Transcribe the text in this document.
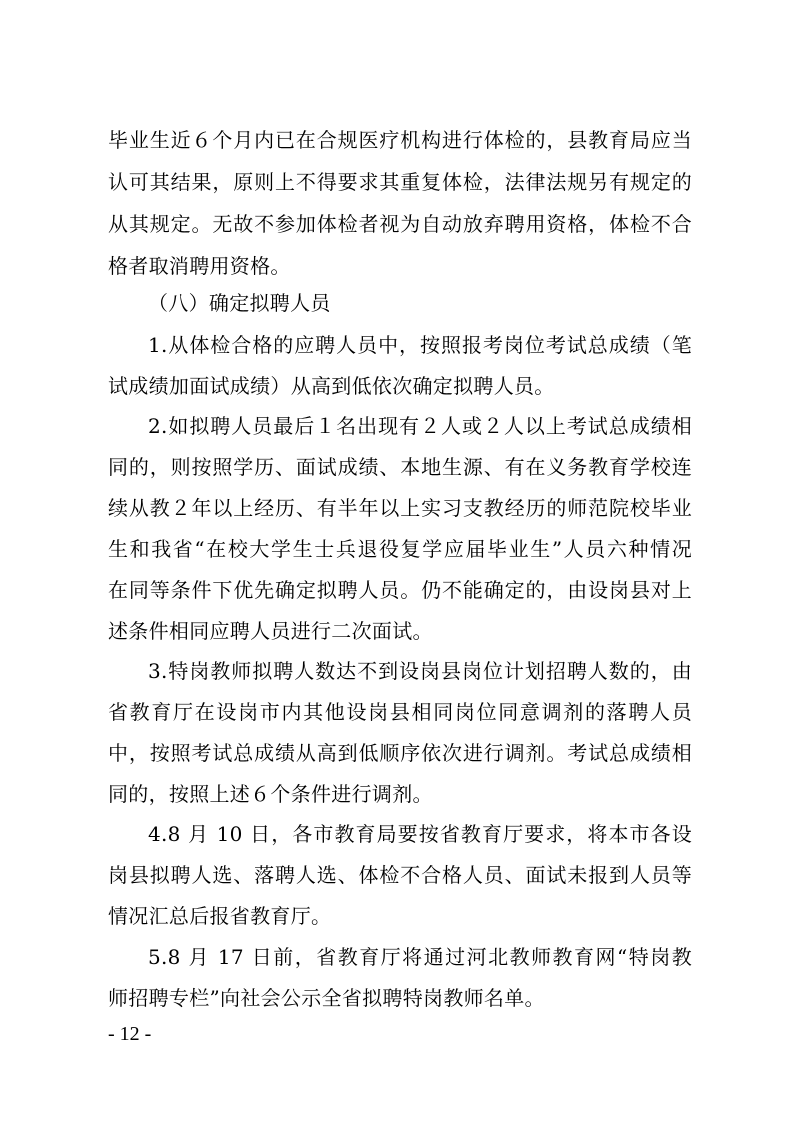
毕业生近６个月内已在合规医疗机构进行体检的，县教育局应当
认可其结果，原则上不得要求其重复体检，法律法规另有规定的
从其规定。无故不参加体检者视为自动放弃聘用资格，体检不合
格者取消聘用资格。
（八）确定拟聘人员
1.从体检合格的应聘人员中，按照报考岗位考试总成绩（笔
试成绩加面试成绩）从高到低依次确定拟聘人员。
2.如拟聘人员最后１名出现有２人或２人以上考试总成绩相
同的，则按照学历、面试成绩、本地生源、有在义务教育学校连
续从教２年以上经历、有半年以上实习支教经历的师范院校毕业
生和我省“在校大学生士兵退役复学应届毕业生”人员六种情况
在同等条件下优先确定拟聘人员。仍不能确定的，由设岗县对上
述条件相同应聘人员进行二次面试。
3.特岗教师拟聘人数达不到设岗县岗位计划招聘人数的，由
省教育厅在设岗市内其他设岗县相同岗位同意调剂的落聘人员
中，按照考试总成绩从高到低顺序依次进行调剂。考试总成绩相
同的，按照上述６个条件进行调剂。
4.8 月 10 日，各市教育局要按省教育厅要求，将本市各设
岗县拟聘人选、落聘人选、体检不合格人员、面试未报到人员等
情况汇总后报省教育厅。
5.8 月 17 日前，省教育厅将通过河北教师教育网“特岗教
师招聘专栏”向社会公示全省拟聘特岗教师名单。
- 12 -
